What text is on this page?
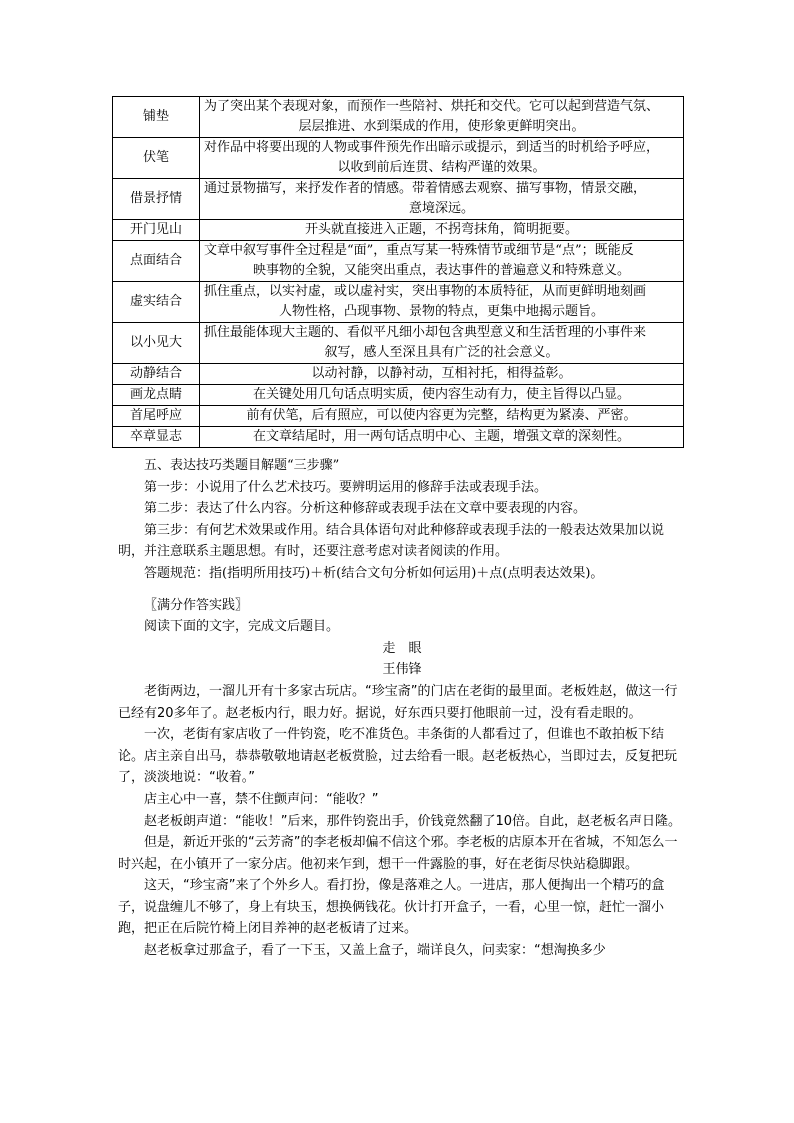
铺垫	为了突出某个表现对象，而预作一些陪衬、烘托和交代。它可以起到营造气氛、
层层推进、水到渠成的作用，使形象更鲜明突出。

伏笔	对作品中将要出现的人物或事件预先作出暗示或提示，到适当的时机给予呼应，
以收到前后连贯、结构严谨的效果。

借景抒情	通过景物描写，来抒发作者的情感。带着情感去观察、描写事物，情景交融，
意境深远。

开门见山	开头就直接进入正题，不拐弯抹角，简明扼要。
点面结合	文章中叙写事件全过程是“面”，重点写某一特殊情节或细节是“点”；既能反
映事物的全貌，又能突出重点，表达事件的普遍意义和特殊意义。

虚实结合	抓住重点，以实衬虚，或以虚衬实，突出事物的本质特征，从而更鲜明地刻画
人物性格，凸现事物、景物的特点，更集中地揭示题旨。

以小见大	抓住最能体现大主题的、看似平凡细小却包含典型意义和生活哲理的小事件来
叙写，感人至深且具有广泛的社会意义。

动静结合	以动衬静，以静衬动，互相衬托，相得益彰。
画龙点睛	在关键处用几句话点明实质，使内容生动有力，使主旨得以凸显。
首尾呼应	前有伏笔，后有照应，可以使内容更为完整，结构更为紧凑、严密。
卒章显志	在文章结尾时，用一两句话点明中心、主题，增强文章的深刻性。

五、表达技巧类题目解题“三步骤”

第一步：小说用了什么艺术技巧。要辨明运用的修辞手法或表现手法。

第二步：表达了什么内容。分析这种修辞或表现手法在文章中要表现的内容。

第三步：有何艺术效果或作用。结合具体语句对此种修辞或表现手法的一般表达效果加以说明，并注意联系主题思想。有时，还要注意考虑对读者阅读的作用。

答题规范：指(指明所用技巧)＋析(结合文句分析如何运用)＋点(点明表达效果)。

〖满分作答实践〗

阅读下面的文字，完成文后题目。

走　眼

王伟锋

老街两边，一溜儿开有十多家古玩店。“珍宝斋”的门店在老街的最里面。老板姓赵，做这一行已经有20多年了。赵老板内行，眼力好。据说，好东西只要打他眼前一过，没有看走眼的。

一次，老街有家店收了一件钧瓷，吃不准货色。丰条街的人都看过了，但谁也不敢拍板下结论。店主亲自出马，恭恭敬敬地请赵老板赏脸，过去给看一眼。赵老板热心，当即过去，反复把玩了，淡淡地说：“收着。”

店主心中一喜，禁不住颤声问：“能收？”

赵老板朗声道：“能收！”后来，那件钧瓷出手，价钱竟然翻了10倍。自此，赵老板名声日隆。

但是，新近开张的“云芳斋”的李老板却偏不信这个邪。李老板的店原本开在省城，不知怎么一时兴起，在小镇开了一家分店。他初来乍到，想干一件露脸的事，好在老街尽快站稳脚跟。

这天，“珍宝斋”来了个外乡人。看打扮，像是落难之人。一进店，那人便掏出一个精巧的盒子，说盘缠儿不够了，身上有块玉，想换俩钱花。伙计打开盒子，一看，心里一惊，赶忙一溜小跑，把正在后院竹椅上闭目养神的赵老板请了过来。

赵老板拿过那盒子，看了一下玉，又盖上盒子，端详良久，问卖家：“想淘换多少
